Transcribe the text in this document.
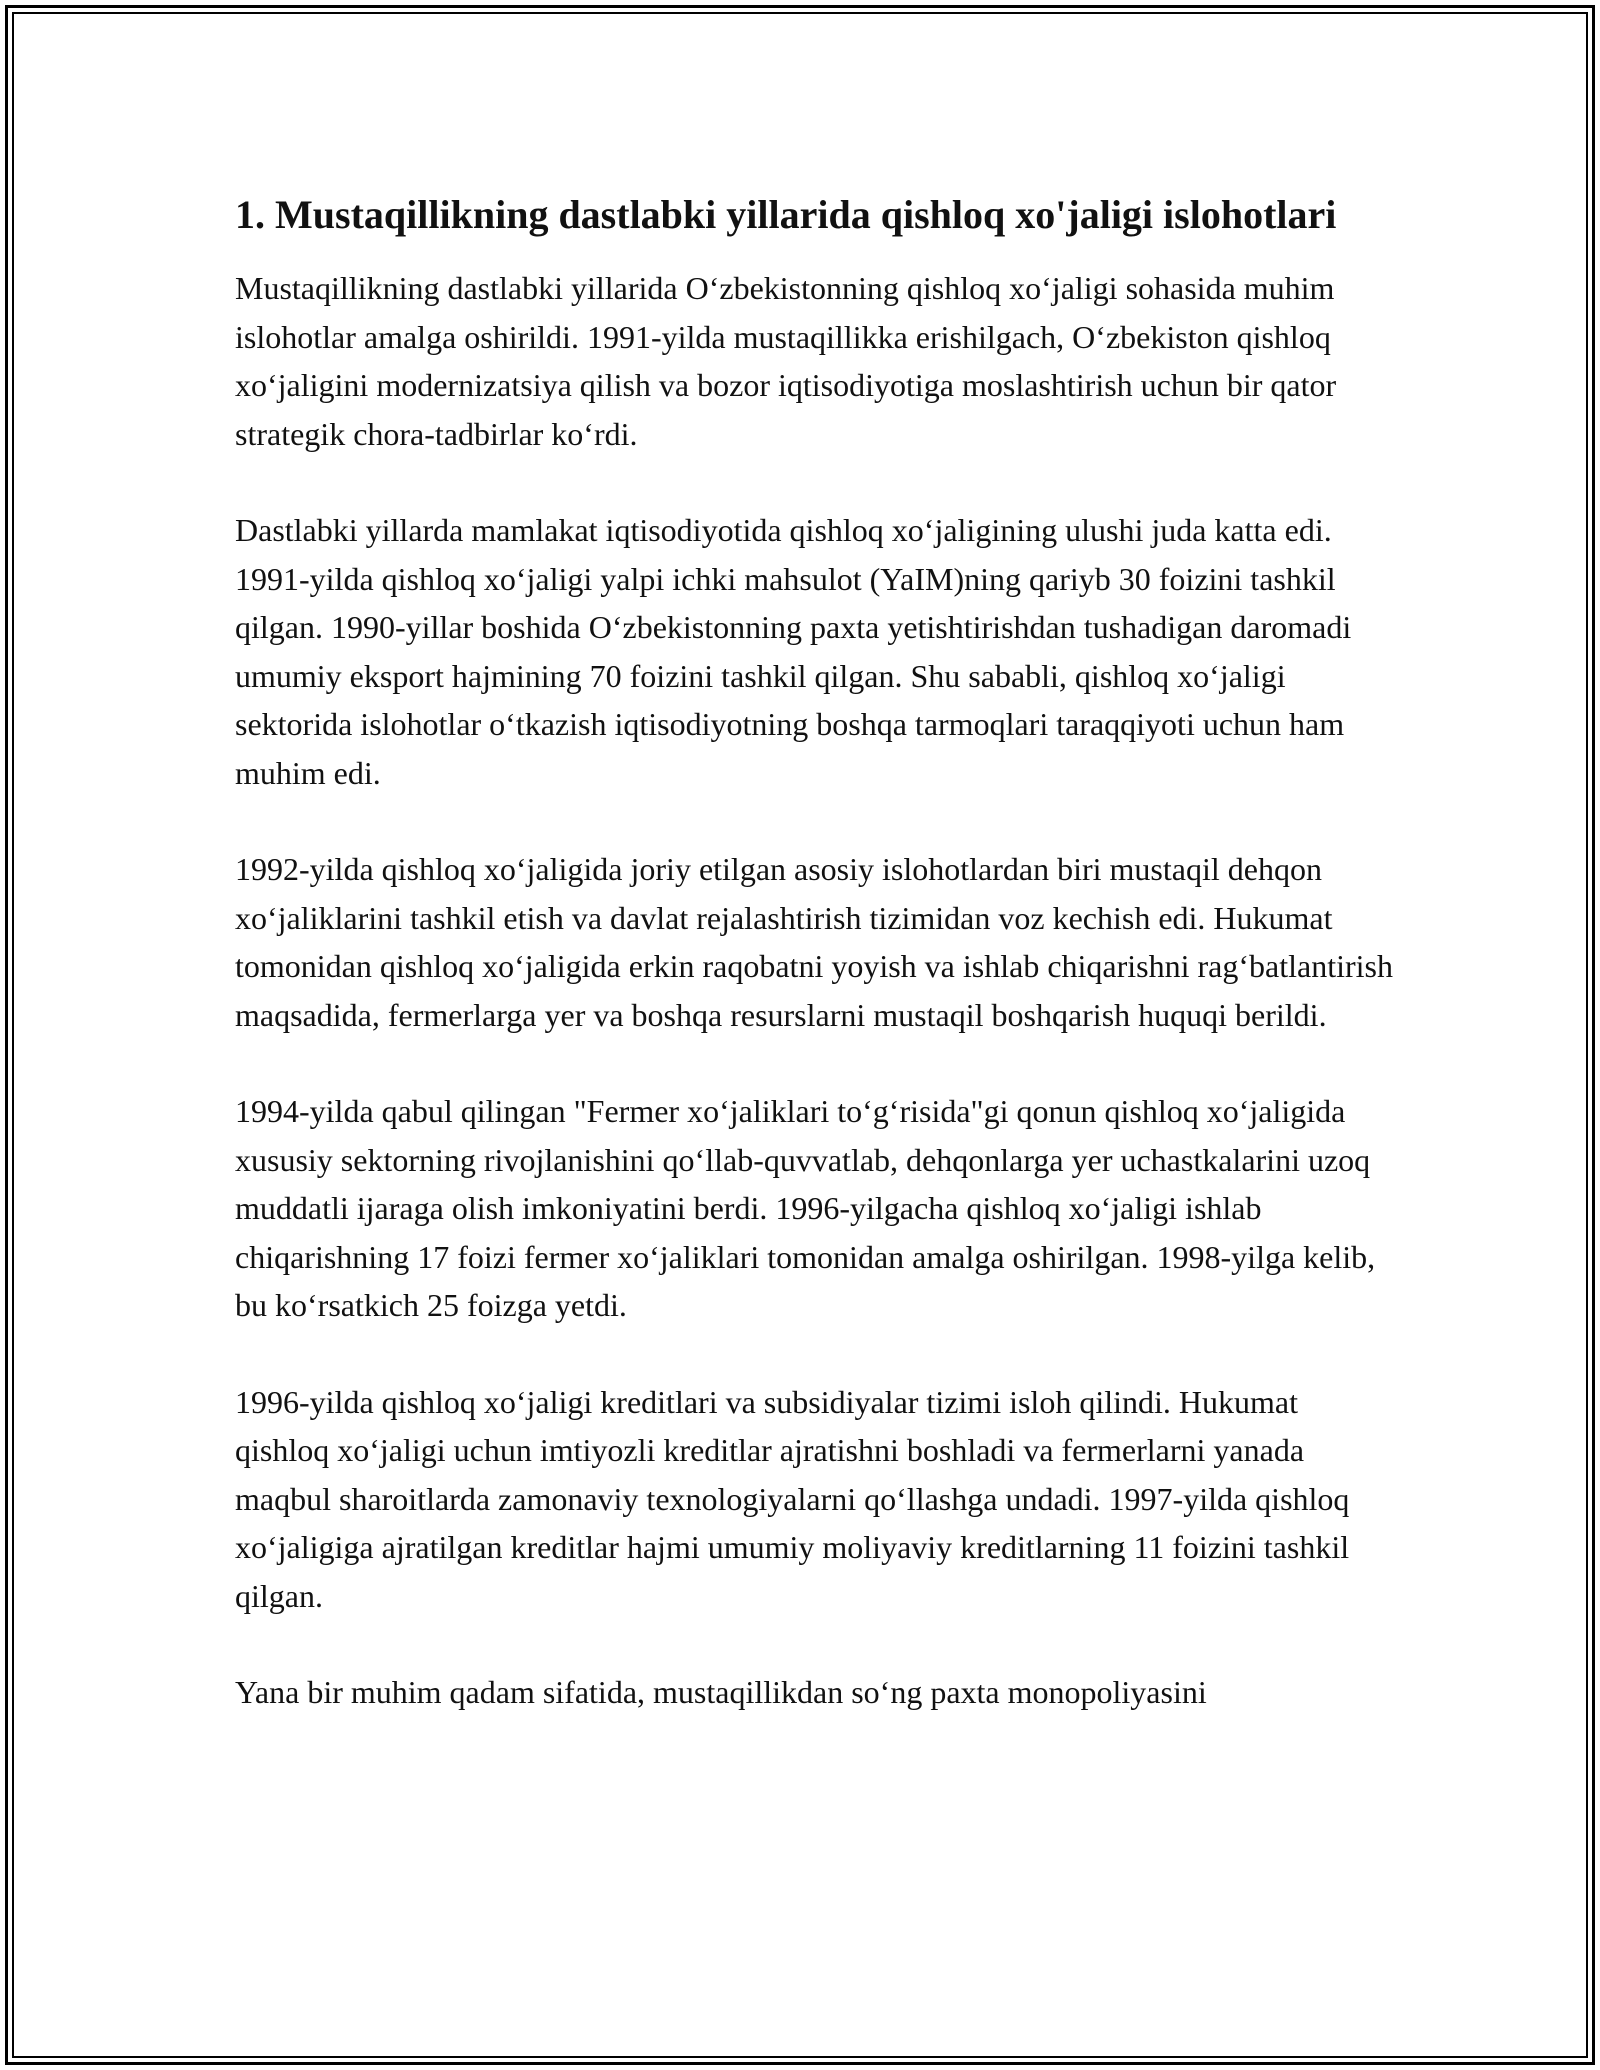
1. Mustaqillikning dastlabki yillarida qishloq xo'jaligi islohotlari

Mustaqillikning dastlabki yillarida O‘zbekistonning qishloq xo‘jaligi sohasida muhim islohotlar amalga oshirildi. 1991-yilda mustaqillikka erishilgach, O‘zbekiston qishloq xo‘jaligini modernizatsiya qilish va bozor iqtisodiyotiga moslashtirish uchun bir qator strategik chora-tadbirlar ko‘rdi.

Dastlabki yillarda mamlakat iqtisodiyotida qishloq xo‘jaligining ulushi juda katta edi. 1991-yilda qishloq xo‘jaligi yalpi ichki mahsulot (YaIM)ning qariyb 30 foizini tashkil qilgan. 1990-yillar boshida O‘zbekistonning paxta yetishtirishdan tushadigan daromadi umumiy eksport hajmining 70 foizini tashkil qilgan. Shu sababli, qishloq xo‘jaligi sektorida islohotlar o‘tkazish iqtisodiyotning boshqa tarmoqlari taraqqiyoti uchun ham muhim edi.

1992-yilda qishloq xo‘jaligida joriy etilgan asosiy islohotlardan biri mustaqil dehqon xo‘jaliklarini tashkil etish va davlat rejalashtirish tizimidan voz kechish edi. Hukumat tomonidan qishloq xo‘jaligida erkin raqobatni yoyish va ishlab chiqarishni rag‘batlantirish maqsadida, fermerlarga yer va boshqa resurslarni mustaqil boshqarish huquqi berildi.

1994-yilda qabul qilingan "Fermer xo‘jaliklari to‘g‘risida"gi qonun qishloq xo‘jaligida xususiy sektorning rivojlanishini qo‘llab-quvvatlab, dehqonlarga yer uchastkalarini uzoq muddatli ijaraga olish imkoniyatini berdi. 1996-yilgacha qishloq xo‘jaligi ishlab chiqarishning 17 foizi fermer xo‘jaliklari tomonidan amalga oshirilgan. 1998-yilga kelib, bu ko‘rsatkich 25 foizga yetdi.

1996-yilda qishloq xo‘jaligi kreditlari va subsidiyalar tizimi isloh qilindi. Hukumat qishloq xo‘jaligi uchun imtiyozli kreditlar ajratishni boshladi va fermerlarni yanada maqbul sharoitlarda zamonaviy texnologiyalarni qo‘llashga undadi. 1997-yilda qishloq xo‘jaligiga ajratilgan kreditlar hajmi umumiy moliyaviy kreditlarning 11 foizini tashkil qilgan.

Yana bir muhim qadam sifatida, mustaqillikdan so‘ng paxta monopoliyasini
